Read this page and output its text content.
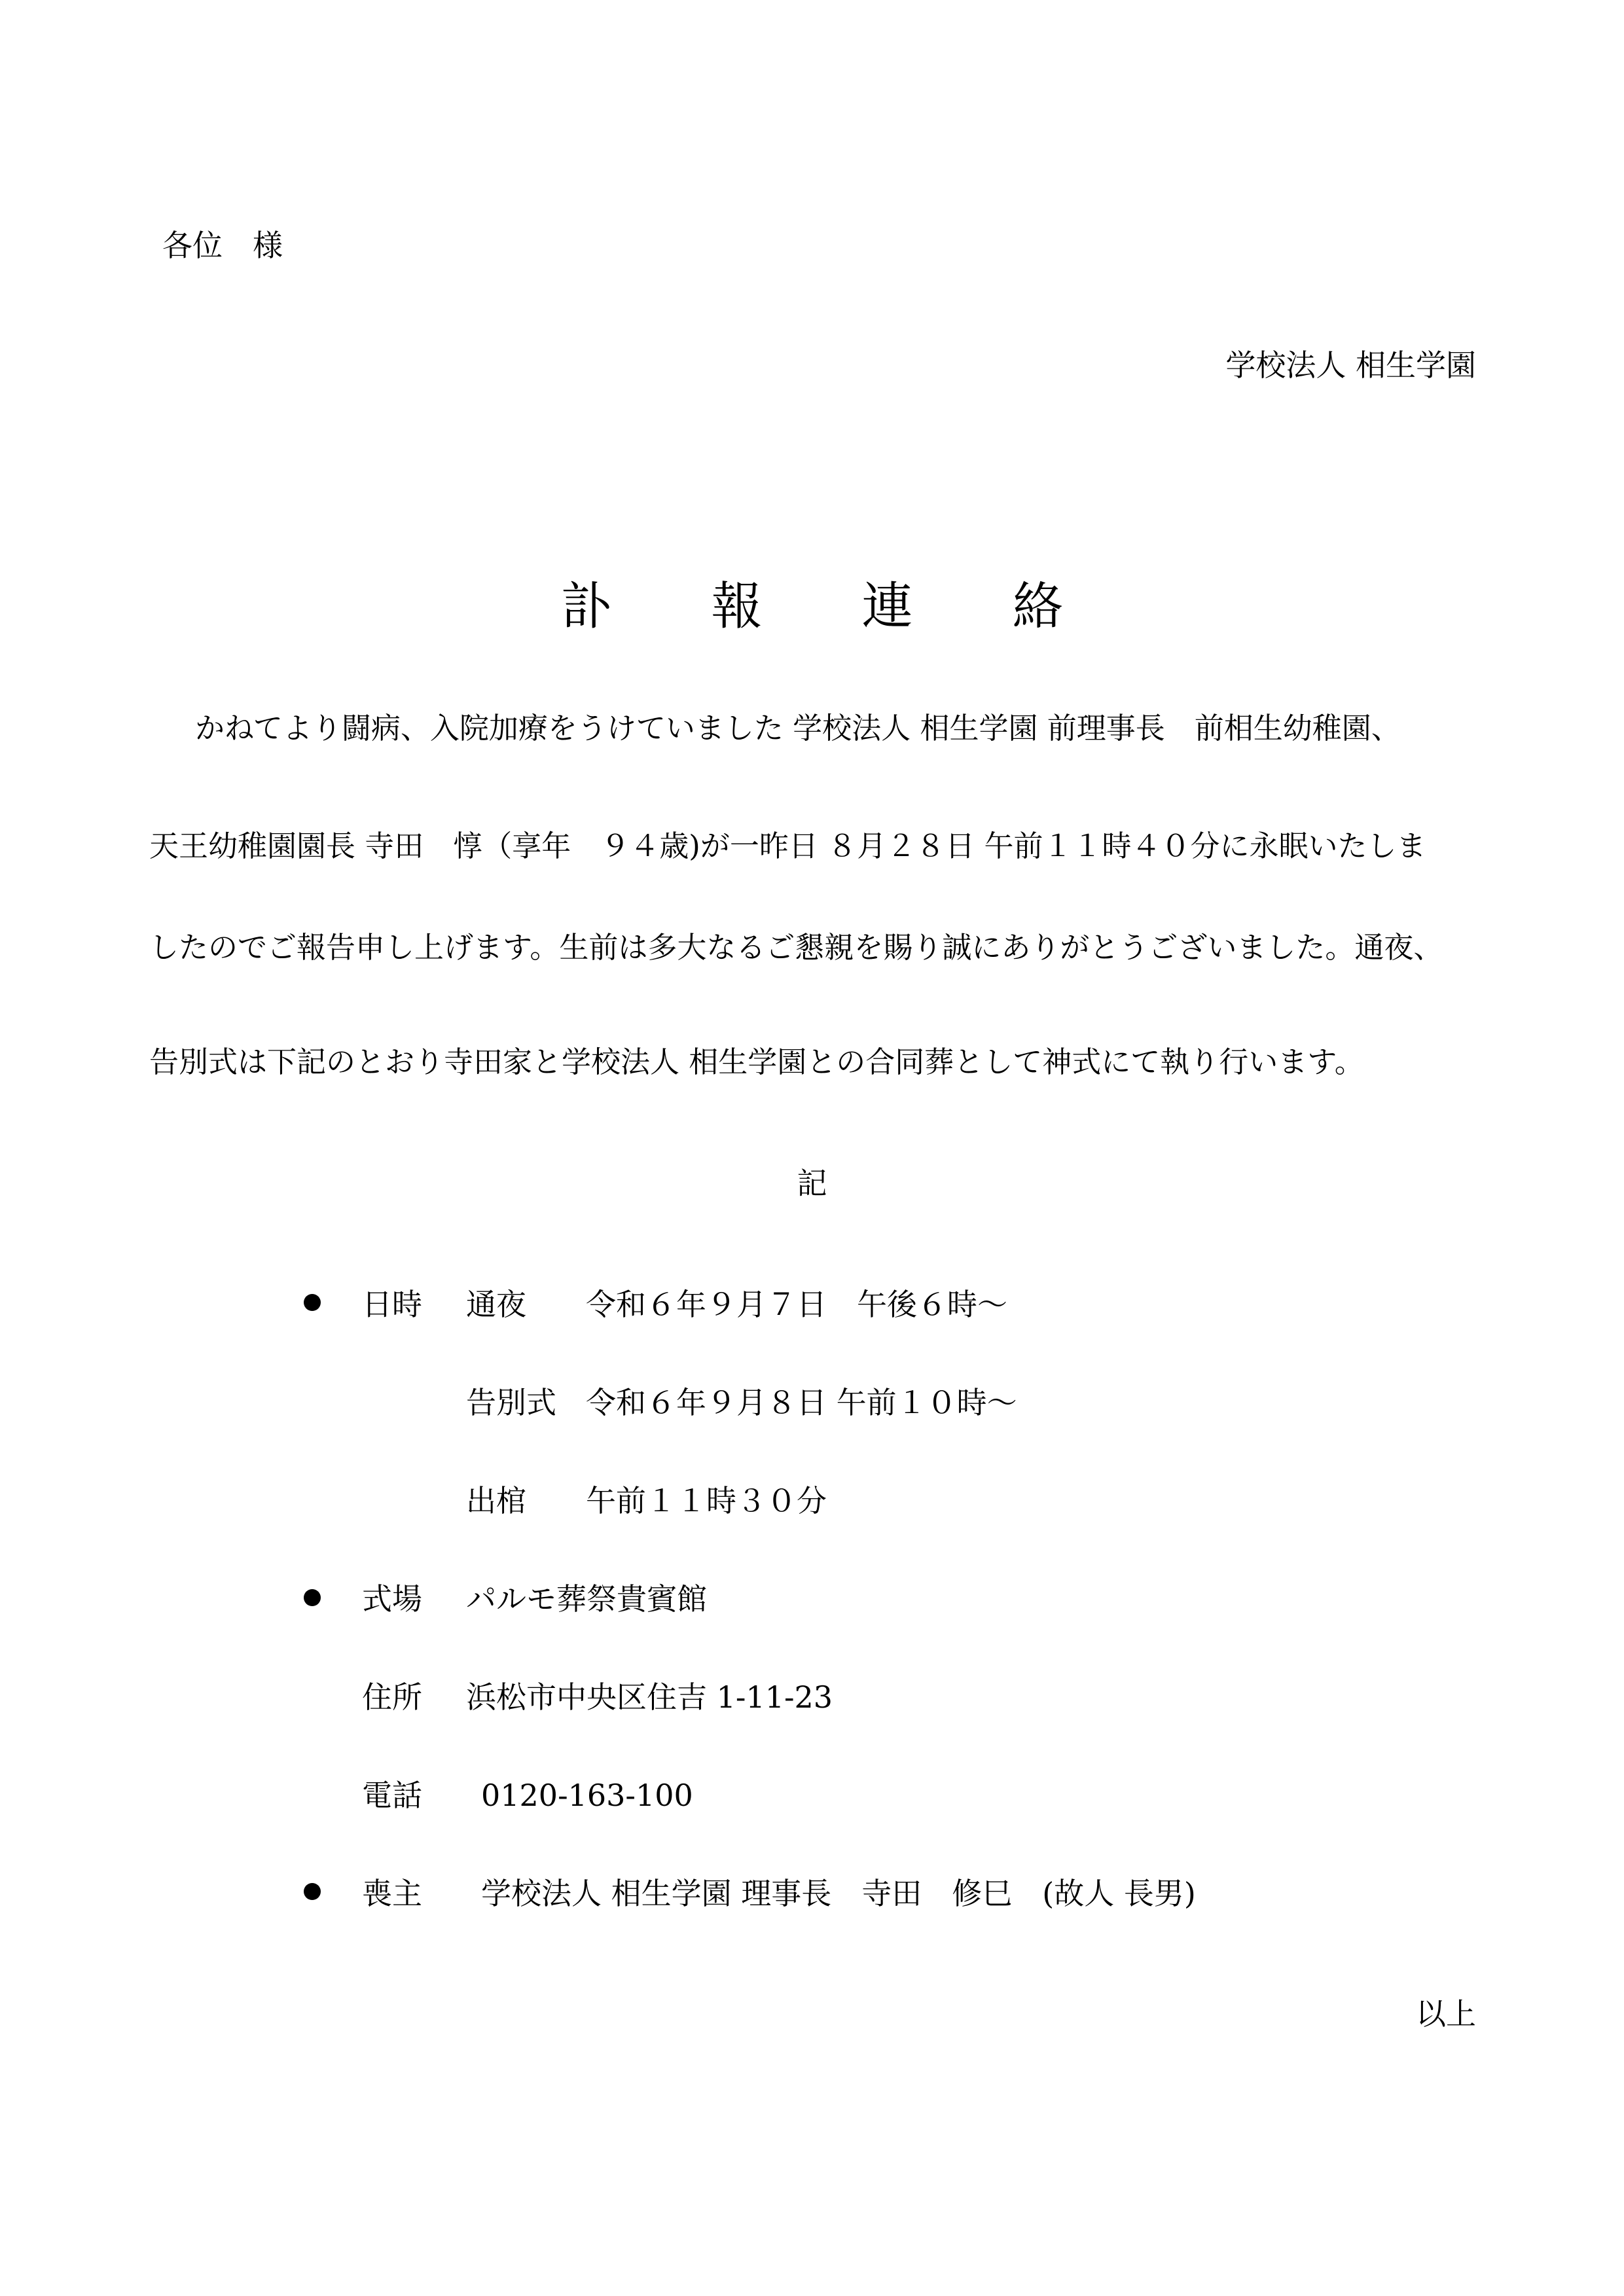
各位　様
学校法人 相生学園
訃 報 連 絡
かねてより闘病、入院加療をうけていました 学校法人 相生学園 前理事長　前相生幼稚園、
天王幼稚園園長 寺田　惇（享年　９４歳)が一昨日 ８月２８日 午前１１時４０分に永眠いたしま
したのでご報告申し上げます。生前は多大なるご懇親を賜り誠にありがとうございました。通夜、
告別式は下記のとおり寺田家と学校法人 相生学園との合同葬として神式にて執り行います。
記
日時 通夜 令和６年９月７日　午後６時～
告別式 令和６年９月８日 午前１０時～
出棺 午前１１時３０分
式場 パルモ葬祭貴賓館
住所 浜松市中央区住吉 1-11-23
電話 0120-163-100
喪主 学校法人 相生学園 理事長　寺田　修巳　(故人 長男)
以上
